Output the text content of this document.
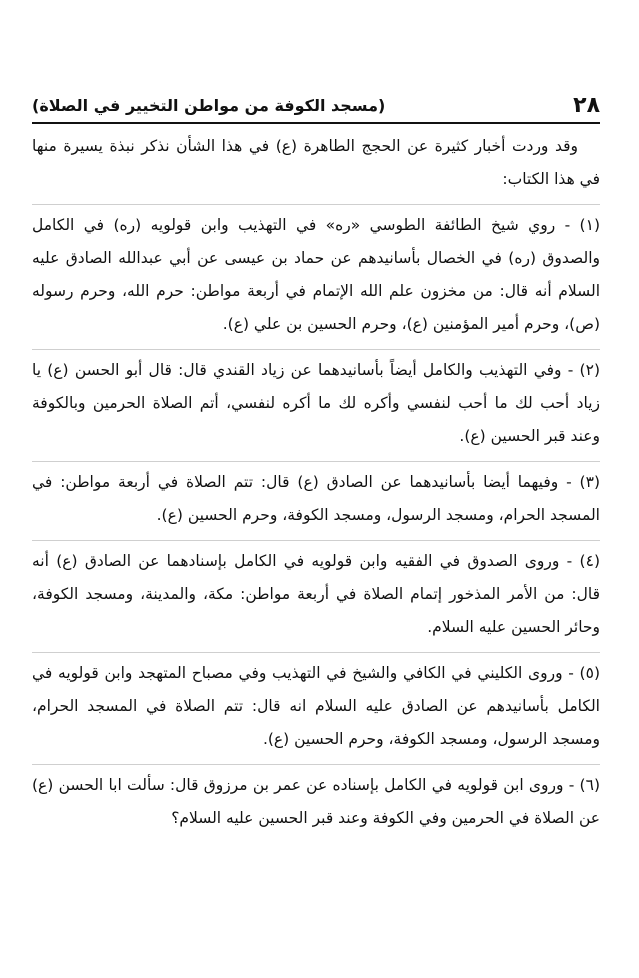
٢٨
(مسجد الكوفة من مواطن التخيير في الصلاة)

وقد وردت أخبار كثيرة عن الحجج الطاهرة (ع) في هذا الشأن نذكر نبذة يسيرة منها في هذا الكتاب:

(١) - روي شيخ الطائفة الطوسي «ره» في التهذيب وابن قولويه (ره) في الكامل والصدوق (ره) في الخصال بأسانيدهم عن حماد بن عيسى عن أبي عبدالله الصادق عليه السلام أنه قال: من مخزون علم الله الإتمام في أربعة مواطن: حرم الله، وحرم رسوله (ص)، وحرم أمير المؤمنين (ع)، وحرم الحسين بن علي (ع).

(٢) - وفي التهذيب والكامل أيضاً بأسانيدهما عن زياد القندي قال: قال أبو الحسن (ع) يا زياد أحب لك ما أحب لنفسي وأكره لك ما أكره لنفسي، أتم الصلاة الحرمين وبالكوفة وعند قبر الحسين (ع).

(٣) - وفيهما أيضا بأسانيدهما عن الصادق (ع) قال: تتم الصلاة في أربعة مواطن: في المسجد الحرام، ومسجد الرسول، ومسجد الكوفة، وحرم الحسين (ع).

(٤) - وروى الصدوق في الفقيه وابن قولويه في الكامل بإسنادهما عن الصادق (ع) أنه قال: من الأمر المذخور إتمام الصلاة في أربعة مواطن: مكة، والمدينة، ومسجد الكوفة، وحائر الحسين عليه السلام.

(٥) - وروى الكليني في الكافي والشيخ في التهذيب وفي مصباح المتهجد وابن قولويه في الكامل بأسانيدهم عن الصادق عليه السلام انه قال: تتم الصلاة في المسجد الحرام، ومسجد الرسول، ومسجد الكوفة، وحرم الحسين (ع).

(٦) - وروى ابن قولويه في الكامل بإسناده عن عمر بن مرزوق قال: سألت ابا الحسن (ع) عن الصلاة في الحرمين وفي الكوفة وعند قبر الحسين عليه السلام؟
